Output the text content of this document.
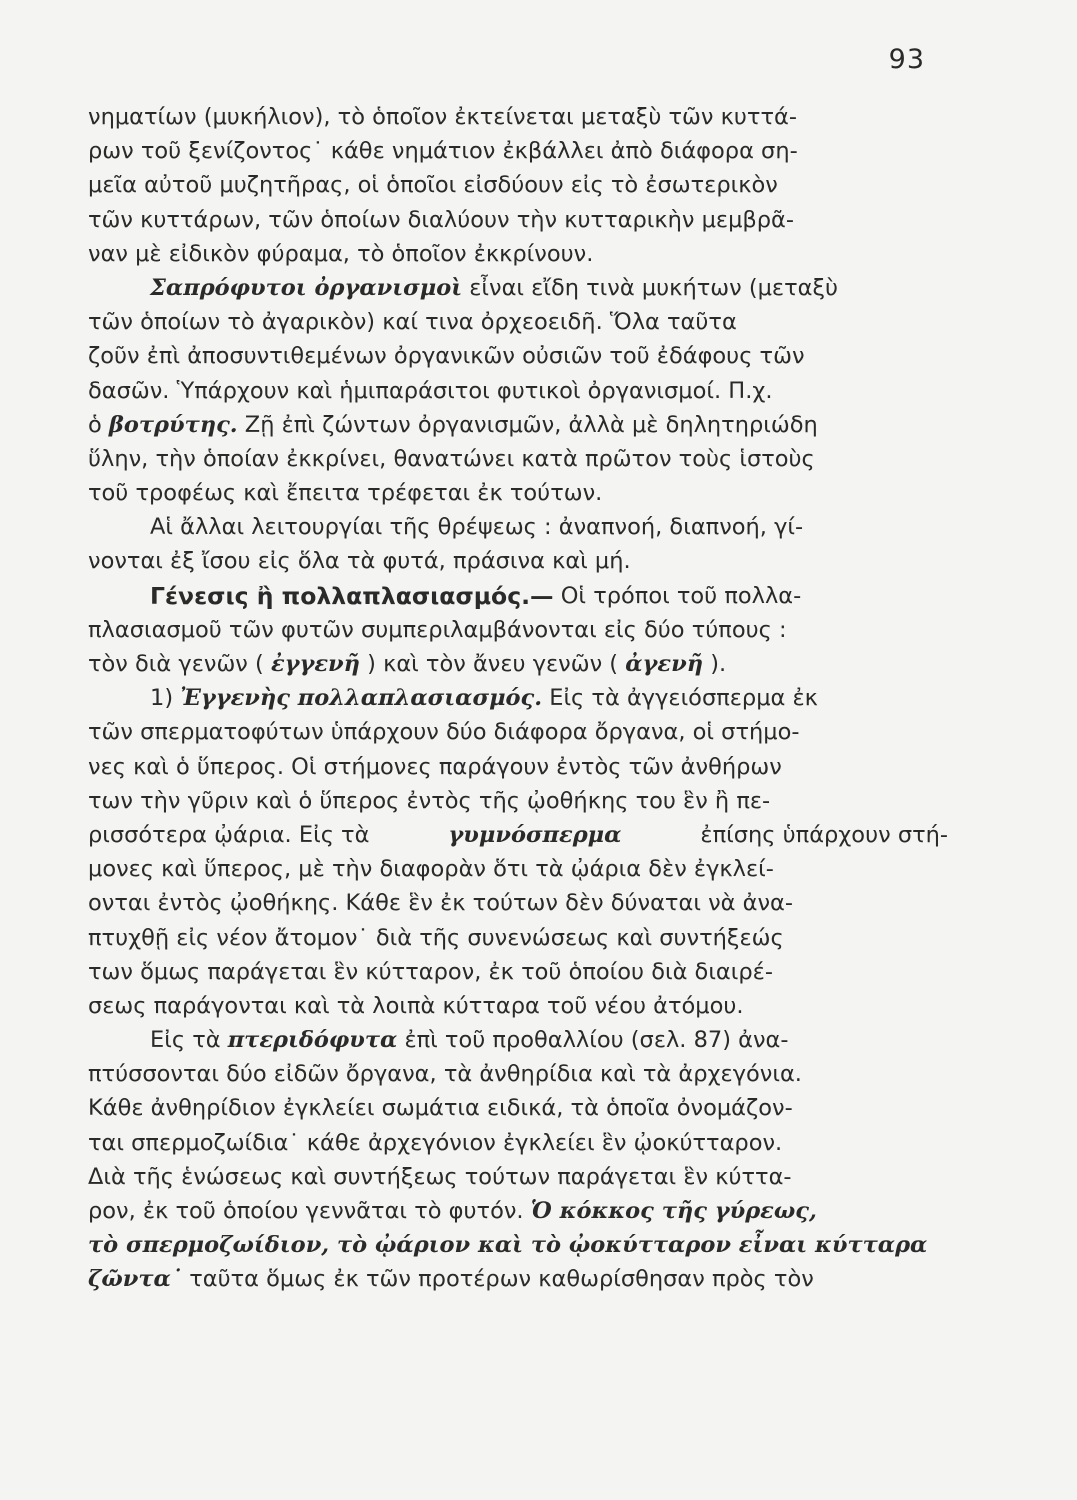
93
νηματίων (μυκήλιον), τὸ ὁποῖον ἐκτείνεται μεταξὺ τῶν κυττά-
ρων τοῦ ξενίζοντος˙ κάθε νημάτιον ἐκβάλλει ἀπὸ διάφορα ση-
μεῖα αὐτοῦ μυζητῆρας, οἱ ὁποῖοι εἰσδύουν εἰς τὸ ἐσωτερικὸν
τῶν κυττάρων, τῶν ὁποίων διαλύουν τὴν κυτταρικὴν μεμβρᾶ-
ναν μὲ εἰδικὸν φύραμα, τὸ ὁποῖον ἐκκρίνουν.
Σαπρόφυτοι ὀργανισμοὶ εἶναι εἴδη τινὰ μυκήτων (μεταξὺ
τῶν ὁποίων τὸ ἀγαρικὸν) καί τινα ὀρχεοειδῆ. Ὅλα ταῦτα
ζοῦν ἐπὶ ἀποσυντιθεμένων ὀργανικῶν οὐσιῶν τοῦ ἐδάφους τῶν
δασῶν. Ὑπάρχουν καὶ ἡμιπαράσιτοι φυτικοὶ ὀργανισμοί. Π.χ.
ὁ βοτρύτης. Ζῇ ἐπὶ ζώντων ὀργανισμῶν, ἀλλὰ μὲ δηλητηριώδη
ὕλην, τὴν ὁποίαν ἐκκρίνει, θανατώνει κατὰ πρῶτον τοὺς ἱστοὺς
τοῦ τροφέως καὶ ἔπειτα τρέφεται ἐκ τούτων.
Αἱ ἄλλαι λειτουργίαι τῆς θρέψεως : ἀναπνοή, διαπνοή, γί-
νονται ἐξ ἴσου εἰς ὅλα τὰ φυτά, πράσινα καὶ μή.
Γένεσις ἢ πολλαπλασιασμός.— Οἱ τρόποι τοῦ πολλα-
πλασιασμοῦ τῶν φυτῶν συμπεριλαμβάνονται εἰς δύο τύπους :
τὸν διὰ γενῶν ( ἐγγενῆ ) καὶ τὸν ἄνευ γενῶν ( ἀγενῆ ).
1) Ἐγγενὴς πολλαπλασιασμός. Εἰς τὰ ἀγγειόσπερμα ἐκ
τῶν σπερματοφύτων ὑπάρχουν δύο διάφορα ὄργανα, οἱ στήμο-
νες καὶ ὁ ὕπερος. Οἱ στήμονες παράγουν ἐντὸς τῶν ἀνθήρων
των τὴν γῦριν καὶ ὁ ὕπερος ἐντὸς τῆς ᾠοθήκης του ἓν ἢ πε-
ρισσότερα ᾠάρια. Εἰς τὰ	γυμνόσπερμα	ἐπίσης ὑπάρχουν στή-
μονες καὶ ὕπερος, μὲ τὴν διαφορὰν ὅτι τὰ ᾠάρια δὲν ἐγκλεί-
ονται ἐντὸς ᾠοθήκης. Κάθε ἓν ἐκ τούτων δὲν δύναται νὰ ἀνα-
πτυχθῇ εἰς νέον ἄτομον˙ διὰ τῆς συνενώσεως καὶ συντήξεώς
των ὅμως παράγεται ἓν κύτταρον, ἐκ τοῦ ὁποίου διὰ διαιρέ-
σεως παράγονται καὶ τὰ λοιπὰ κύτταρα τοῦ νέου ἀτόμου.
Εἰς τὰ πτεριδόφυτα ἐπὶ τοῦ προθαλλίου (σελ. 87) ἀνα-
πτύσσονται δύο εἰδῶν ὄργανα, τὰ ἀνθηρίδια καὶ τὰ ἀρχεγόνια.
Κάθε ἀνθηρίδιον ἐγκλείει σωμάτια ειδικά, τὰ ὁποῖα ὀνομάζον-
ται σπερμοζωίδια˙ κάθε ἀρχεγόνιον ἐγκλείει ἓν ᾠοκύτταρον.
Διὰ τῆς ἑνώσεως καὶ συντήξεως τούτων παράγεται ἓν κύττα-
ρον, ἐκ τοῦ ὁποίου γεννᾶται τὸ φυτόν. Ὁ κόκκος τῆς γύρεως,
τὸ σπερμοζωίδιον, τὸ ᾠάριον καὶ τὸ ᾠοκύτταρον εἶναι κύτταρα
ζῶντα˙ ταῦτα ὅμως ἐκ τῶν προτέρων καθωρίσθησαν πρὸς τὸν
